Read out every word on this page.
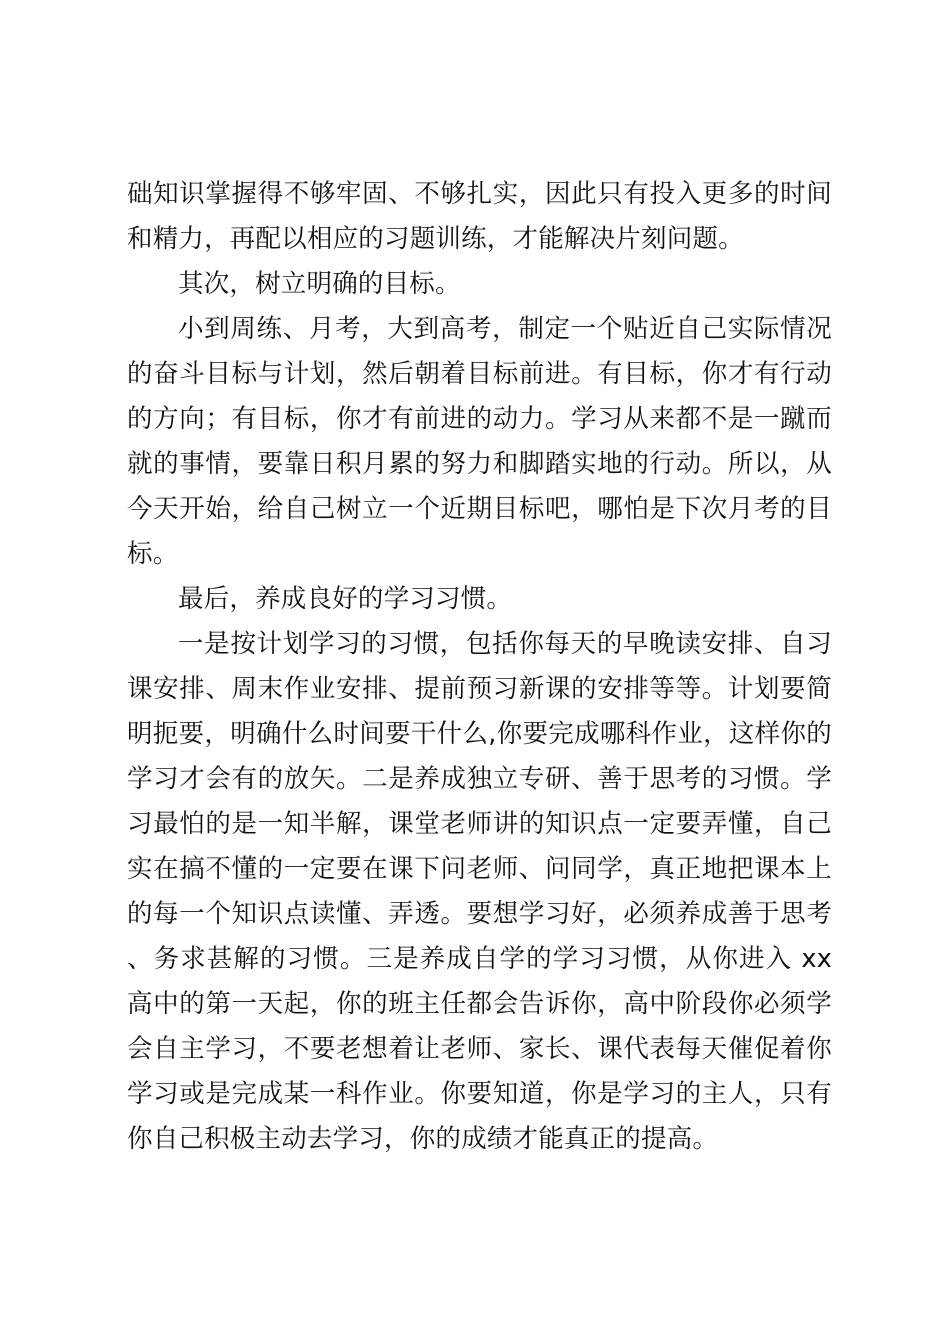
础知识掌握得不够牢固、不够扎实，因此只有投入更多的时间和精力，再配以相应的习题训练，才能解决片刻问题。

其次，树立明确的目标。

小到周练、月考，大到高考，制定一个贴近自己实际情况的奋斗目标与计划，然后朝着目标前进。有目标，你才有行动的方向；有目标，你才有前进的动力。学习从来都不是一蹴而就的事情，要靠日积月累的努力和脚踏实地的行动。所以，从今天开始，给自己树立一个近期目标吧，哪怕是下次月考的目标。

最后，养成良好的学习习惯。

一是按计划学习的习惯，包括你每天的早晚读安排、自习课安排、周末作业安排、提前预习新课的安排等等。计划要简明扼要，明确什么时间要干什么,你要完成哪科作业，这样你的学习才会有的放矢。二是养成独立专研、善于思考的习惯。学习最怕的是一知半解，课堂老师讲的知识点一定要弄懂，自己实在搞不懂的一定要在课下问老师、问同学，真正地把课本上的每一个知识点读懂、弄透。要想学习好，必须养成善于思考、务求甚解的习惯。三是养成自学的学习习惯，从你进入 xx 高中的第一天起，你的班主任都会告诉你，高中阶段你必须学会自主学习，不要老想着让老师、家长、课代表每天催促着你学习或是完成某一科作业。你要知道，你是学习的主人，只有你自己积极主动去学习，你的成绩才能真正的提高。
